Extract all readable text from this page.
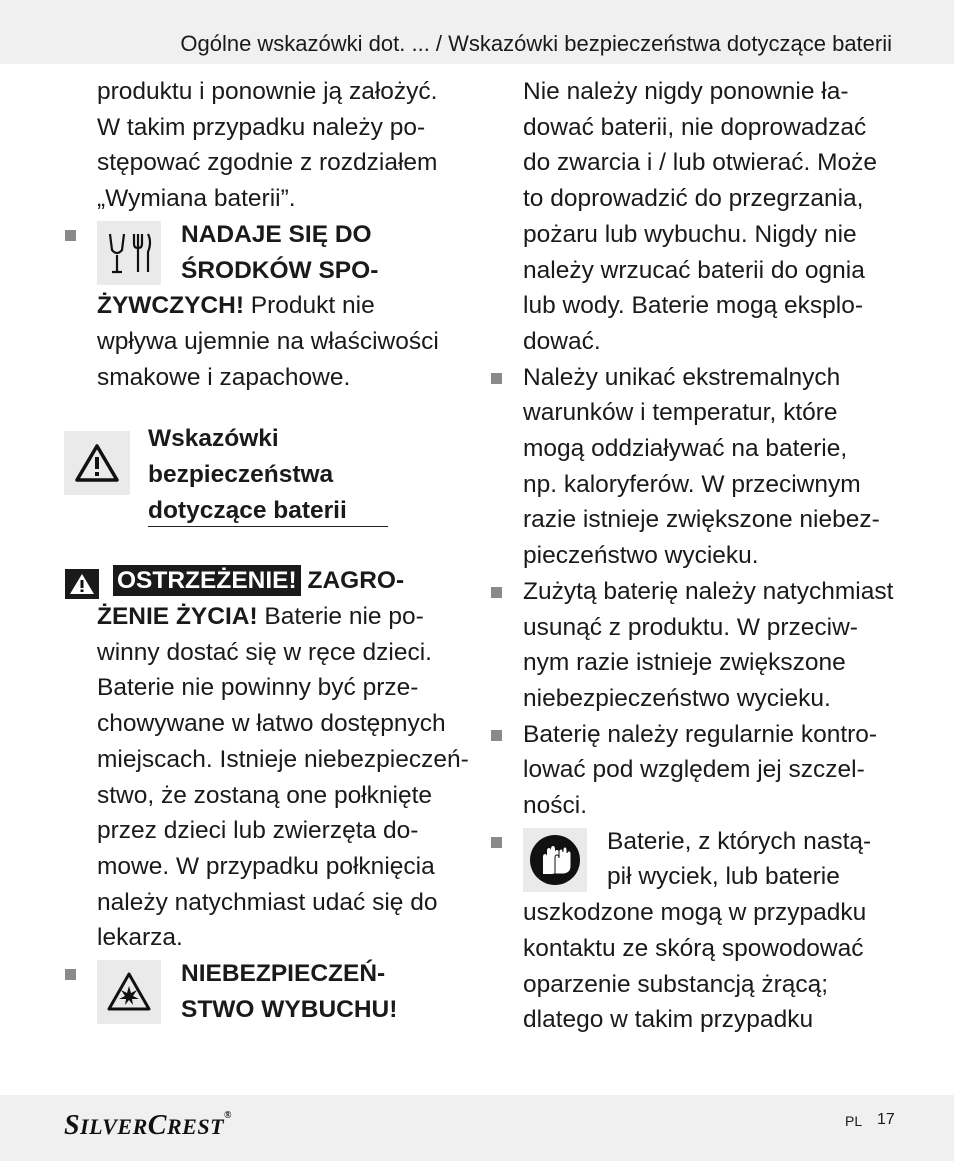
Ogólne wskazówki dot. ... / Wskazówki bezpieczeństwa dotyczące baterii

produktu i ponownie ją założyć.
W takim przypadku należy po-
stępować zgodnie z rozdziałem
„Wymiana baterii”.

NADAJE SIĘ DO
ŚRODKÓW SPO-
ŻYWCZYCH! Produkt nie
wpływa ujemnie na właściwości
smakowe i zapachowe.
Wskazówki
bezpieczeństwa
dotyczące baterii
OSTRZEŻENIE! ZAGRO-
ŻENIE ŻYCIA! Baterie nie po-
winny dostać się w ręce dzieci.
Baterie nie powinny być prze-
chowywane w łatwo dostępnych
miejscach. Istnieje niebezpieczeń-
stwo, że zostaną one połknięte
przez dzieci lub zwierzęta do-
mowe. W przypadku połknięcia
należy natychmiast udać się do
lekarza.
NIEBEZPIECZEŃ-
STWO WYBUCHU!

Nie należy nigdy ponownie ła-
dować baterii, nie doprowadzać
do zwarcia i / lub otwierać. Może
to doprowadzić do przegrzania,
pożaru lub wybuchu. Nigdy nie
należy wrzucać baterii do ognia
lub wody. Baterie mogą eksplo-
dować.

Należy unikać ekstremalnych
warunków i temperatur, które
mogą oddziaływać na baterie,
np. kaloryferów. W przeciwnym
razie istnieje zwiększone niebez-
pieczeństwo wycieku.
Zużytą baterię należy natychmiast
usunąć z produktu. W przeciw-
nym razie istnieje zwiększone
niebezpieczeństwo wycieku.
Baterię należy regularnie kontro-
lować pod względem jej szczel-
ności.
Baterie, z których nastą-
pił wyciek, lub baterie
uszkodzone mogą w przypadku
kontaktu ze skórą spowodować
oparzenie substancją żrącą;
dlatego w takim przypadku
SILVERCREST®	PL 17
